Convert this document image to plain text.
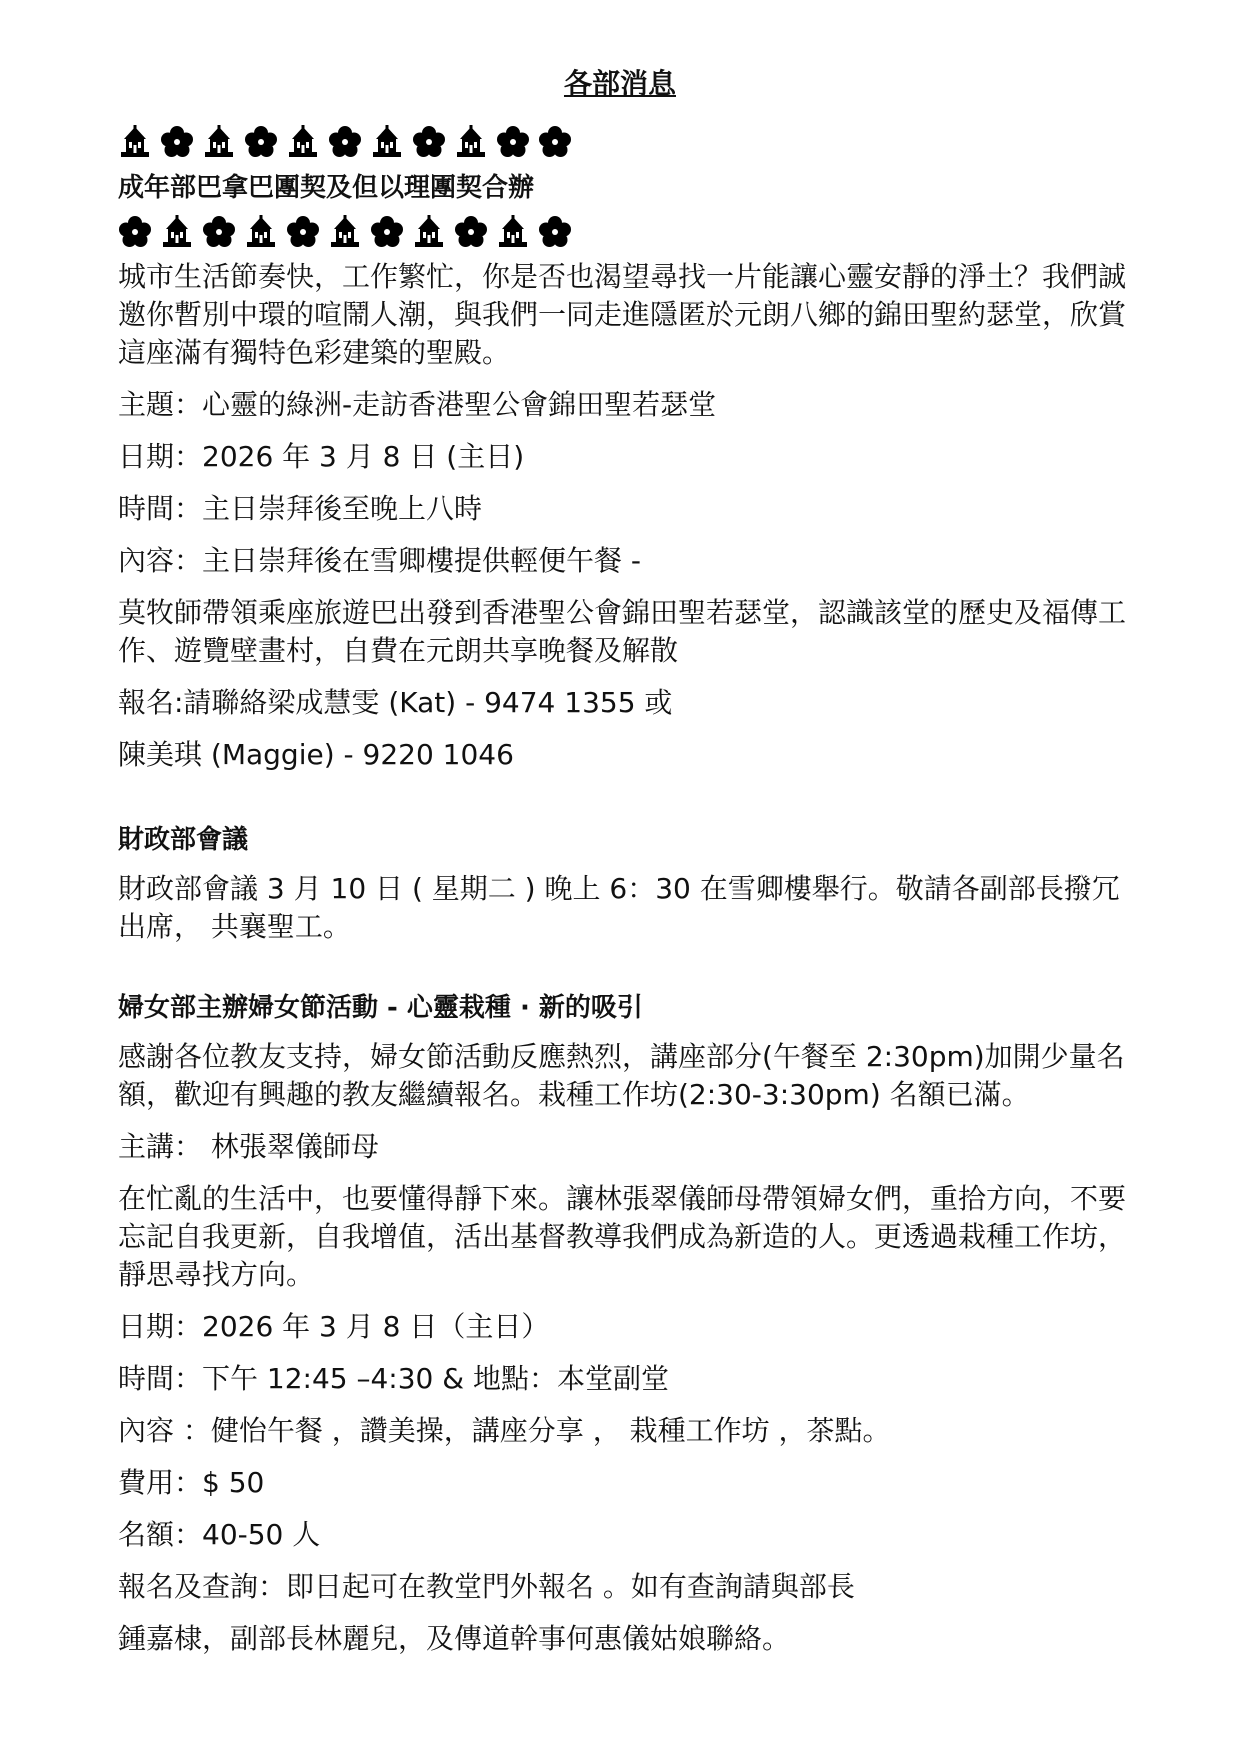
各部消息

成年部巴拿巴團契及但以理團契合辦

城市生活節奏快，工作繁忙，你是否也渴望尋找一片能讓心靈安靜的淨土？我們誠邀你暫別中環的喧鬧人潮，與我們一同走進隱匿於元朗八鄉的錦田聖約瑟堂，欣賞這座滿有獨特色彩建築的聖殿。

主題：心靈的綠洲-走訪香港聖公會錦田聖若瑟堂

日期：2026 年 3 月 8 日 (主日)

時間：主日崇拜後至晚上八時

內容：主日崇拜後在雪卿樓提供輕便午餐 -

莫牧師帶領乘座旅遊巴出發到香港聖公會錦田聖若瑟堂，認識該堂的歷史及福傳工作、遊覽壁畫村，自費在元朗共享晚餐及解散

報名:請聯絡梁成慧雯 (Kat) - 9474 1355 或

陳美琪 (Maggie) - 9220 1046

財政部會議

財政部會議 3 月 10 日 ( 星期二 ) 晚上 6：30 在雪卿樓舉行。敬請各副部長撥冗出席， 共襄聖工。

婦女部主辦婦女節活動 - 心靈栽種 · 新的吸引

感謝各位教友支持，婦女節活動反應熱烈，講座部分(午餐至 2:30pm)加開少量名額，歡迎有興趣的教友繼續報名。栽種工作坊(2:30-3:30pm) 名額已滿。

主講： 林張翠儀師母

在忙亂的生活中，也要懂得靜下來。讓林張翠儀師母帶領婦女們，重拾方向，不要忘記自我更新，自我增值，活出基督教導我們成為新造的人。更透過栽種工作坊，靜思尋找方向。

日期：2026 年 3 月 8 日（主日）

時間：下午 12:45 –4:30 & 地點：本堂副堂

內容 ：健怡午餐 ，讚美操，講座分享 ， 栽種工作坊 ，茶點。

費用：$ 50

名額：40-50 人

報名及查詢：即日起可在教堂門外報名 。如有查詢請與部長

鍾嘉棣，副部長林麗兒，及傳道幹事何惠儀姑娘聯絡。
